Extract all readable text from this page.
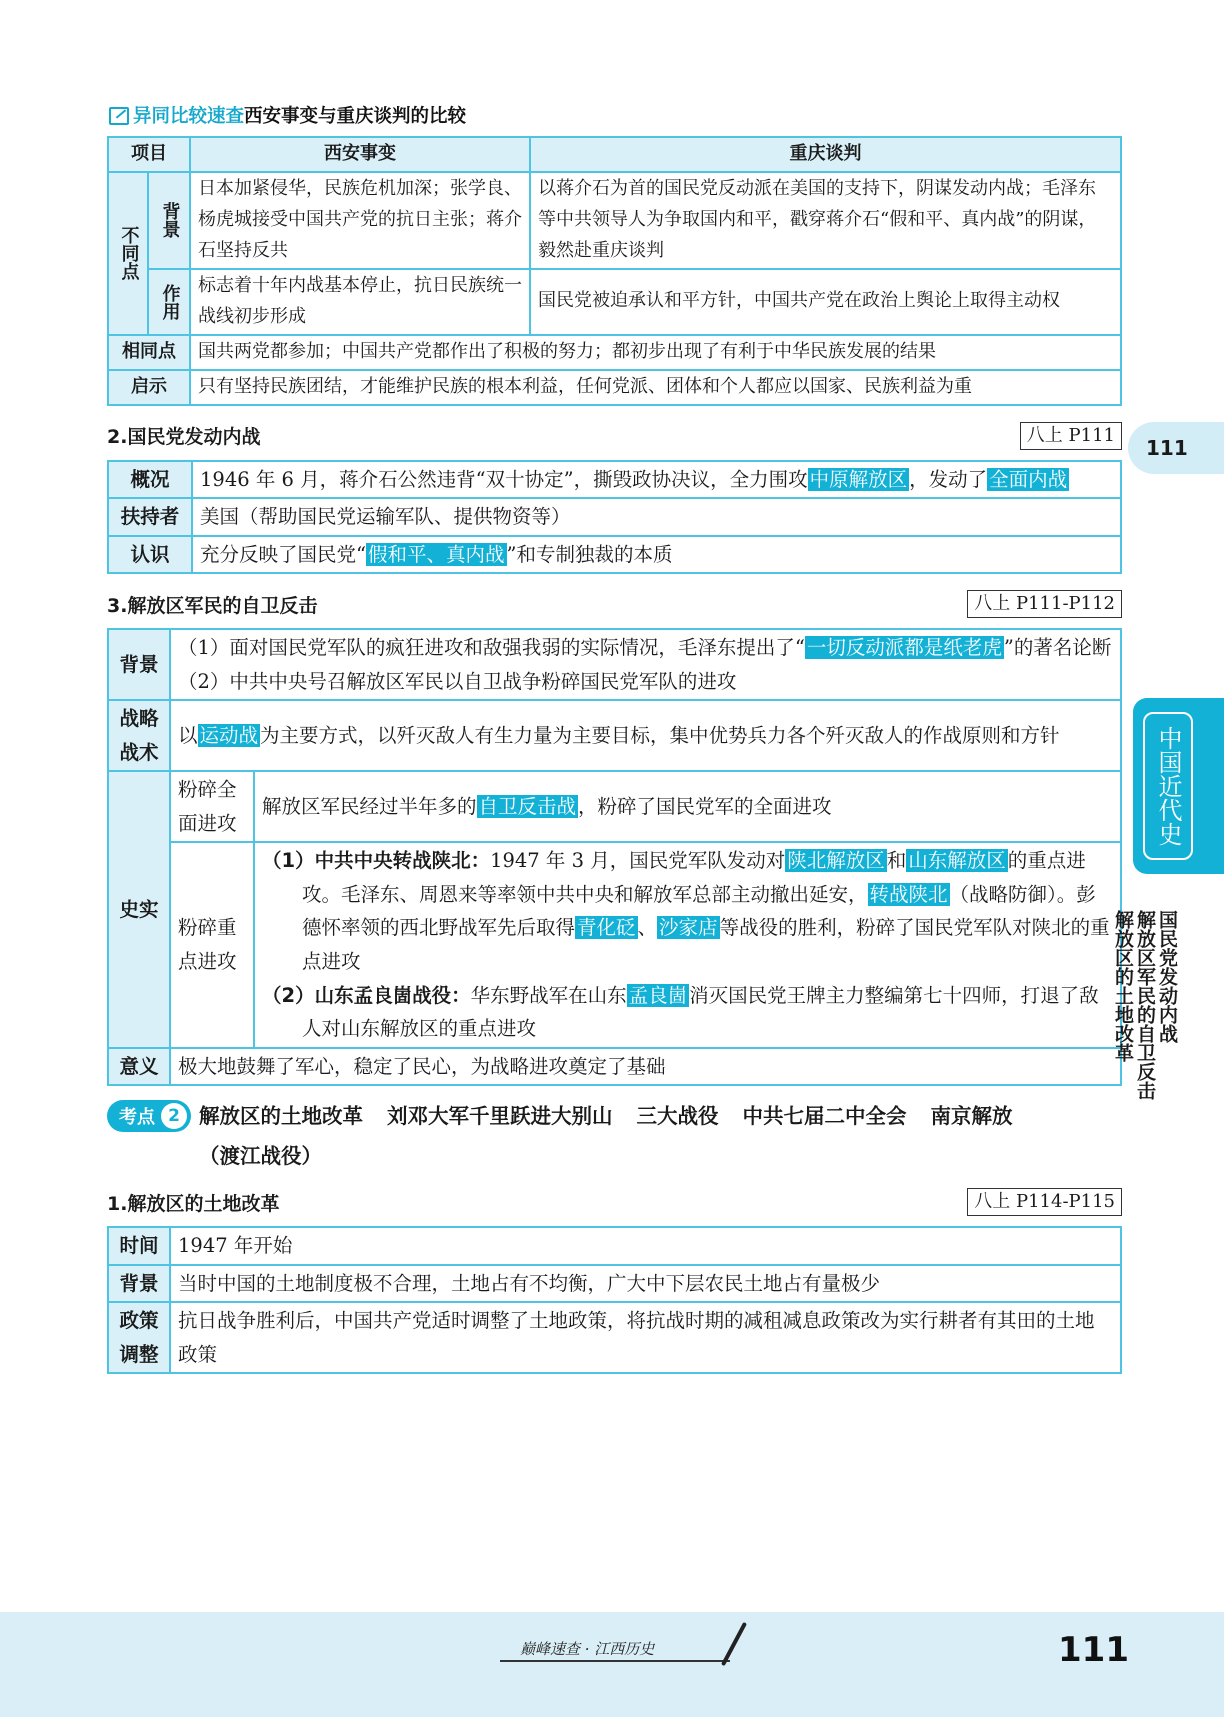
异同比较速查 西安事变与重庆谈判的比较
项目		西安事变	重庆谈判
不同点	背景	日本加紧侵华，民族危机加深；张学良、杨虎城接受中国共产党的抗日主张；蒋介石坚持反共	以蒋介石为首的国民党反动派在美国的支持下，阴谋发动内战；毛泽东等中共领导人为争取国内和平，戳穿蒋介石“假和平、真内战”的阴谋，毅然赴重庆谈判
	作用	标志着十年内战基本停止，抗日民族统一战线初步形成	国民党被迫承认和平方针，中国共产党在政治上舆论上取得主动权
相同点		国共两党都参加；中国共产党都作出了积极的努力；都初步出现了有利于中华民族发展的结果	
启示		只有坚持民族团结，才能维护民族的根本利益，任何党派、团体和个人都应以国家、民族利益为重	
2.国民党发动内战	八上 P111
概况	1946 年 6 月，蒋介石公然违背“双十协定”，撕毁政协决议，全力围攻 中原解放区 ，发动了 全面内战
扶持者	美国（帮助国民党运输军队、提供物资等）
认识	充分反映了国民党“ 假和平、真内战 ”和专制独裁的本质
3.解放区军民的自卫反击	八上 P111-P112
背景	（1）面对国民党军队的疯狂进攻和敌强我弱的实际情况，毛泽东提出了“ 一切反动派都是纸老虎 ”的著名论断
（2）中共中央号召解放区军民以自卫战争粉碎国民党军队的进攻	

战略战术	以 运动战 为主要方式，以歼灭敌人有生力量为主要目标，集中优势兵力各个歼灭敌人的作战原则和方针	
史实	粉碎全面进攻	解放区军民经过半年多的 自卫反击战 ，粉碎了国民党军的全面进攻
	粉碎重点进攻	（1）中共中央转战陕北：1947 年 3 月，国民党军队发动对 陕北解放区 和 山东解放区 的重点进攻。毛泽东、周恩来等率领中共中央和解放军总部主动撤出延安， 转战陕北 （战略防御）。彭德怀率领的西北野战军先后取得 青化砭 、 沙家店 等战役的胜利，粉碎了国民党军队对陕北的重点进攻
（2）山东孟良崮战役：华东野战军在山东 孟良崮 消灭国民党王牌主力整编第七十四师，打退了敌人对山东解放区的重点进攻

意义	极大地鼓舞了军心，稳定了民心，为战略进攻奠定了基础	
考点 2 解放区的土地改革 刘邓大军千里跃进大别山 三大战役 中共七届二中全会 南京解放（渡江战役）
1.解放区的土地改革	八上 P114-P115
时间	1947 年开始
背景	当时中国的土地制度极不合理，土地占有不均衡，广大中下层农民土地占有量极少
政策调整	抗日战争胜利后，中国共产党适时调整了土地政策，将抗战时期的减租减息政策改为实行耕者有其田的土地政策
111
中国近代史
国民党发动内战
解放区军民的自卫反击
解放区的土地改革
巅峰速查 · 江西历史	111
